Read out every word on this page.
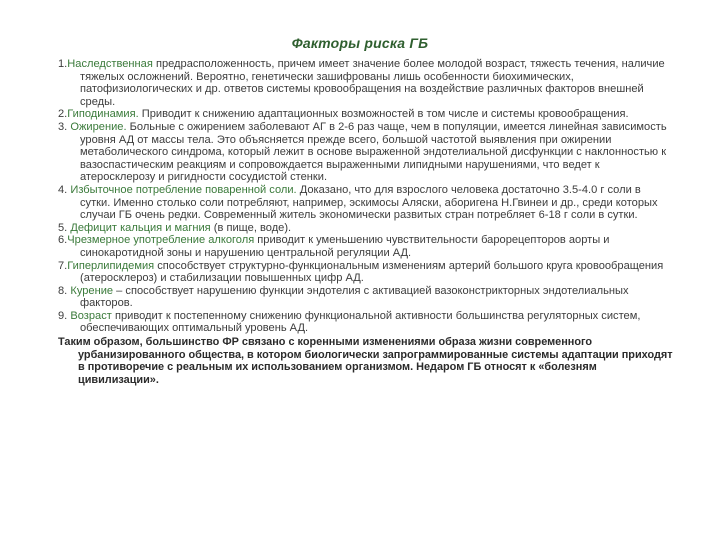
Факторы риска ГБ

1.Наследственная предрасположенность, причем имеет значение более молодой возраст, тяжесть течения, наличие тяжелых осложнений. Вероятно, генетически зашифрованы лишь особенности биохимических, патофизиологических и др. ответов системы кровообращения на воздействие различных факторов внешней среды.

2.Гиподинамия. Приводит к снижению адаптационных возможностей в том числе и системы кровообращения.

3. Ожирение. Больные с ожирением заболевают АГ в 2-6 раз чаще, чем в популяции, имеется линейная зависимость уровня АД от массы тела. Это объясняется прежде всего, большой частотой выявления при ожирении метаболического синдрома, который лежит в основе выраженной эндотелиальной дисфункции с наклонностью к вазоспастическим реакциям и сопровождается выраженными липидными нарушениями, что ведет к атеросклерозу и ригидности сосудистой стенки.

4. Избыточное потребление поваренной соли. Доказано, что для взрослого человека достаточно 3.5-4.0 г соли в сутки. Именно столько соли потребляют, например, эскимосы Аляски, аборигена Н.Гвинеи и др., среди которых случаи ГБ очень редки. Современный житель экономически развитых стран потребляет 6-18 г соли в сутки.

5. Дефицит кальция и магния (в пище, воде).

6.Чрезмерное употребление алкоголя приводит к уменьшению чувствительности барорецепторов аорты и синокаротидной зоны и нарушению центральной регуляции АД.

7.Гиперлипидемия способствует структурно-функциональным изменениям артерий большого круга кровообращения (атеросклероз) и стабилизации повышенных цифр АД.

8. Курение – способствует нарушению функции эндотелия с активацией вазоконстрикторных эндотелиальных факторов.

9. Возраст приводит к постепенному снижению функциональной активности большинства регуляторных систем, обеспечивающих оптимальный уровень АД.

Таким образом, большинство ФР связано с коренными изменениями образа жизни современного урбанизированного общества, в котором биологически запрограммированные системы адаптации приходят в противоречие с реальным их использованием организмом. Недаром ГБ относят к «болезням цивилизации».
